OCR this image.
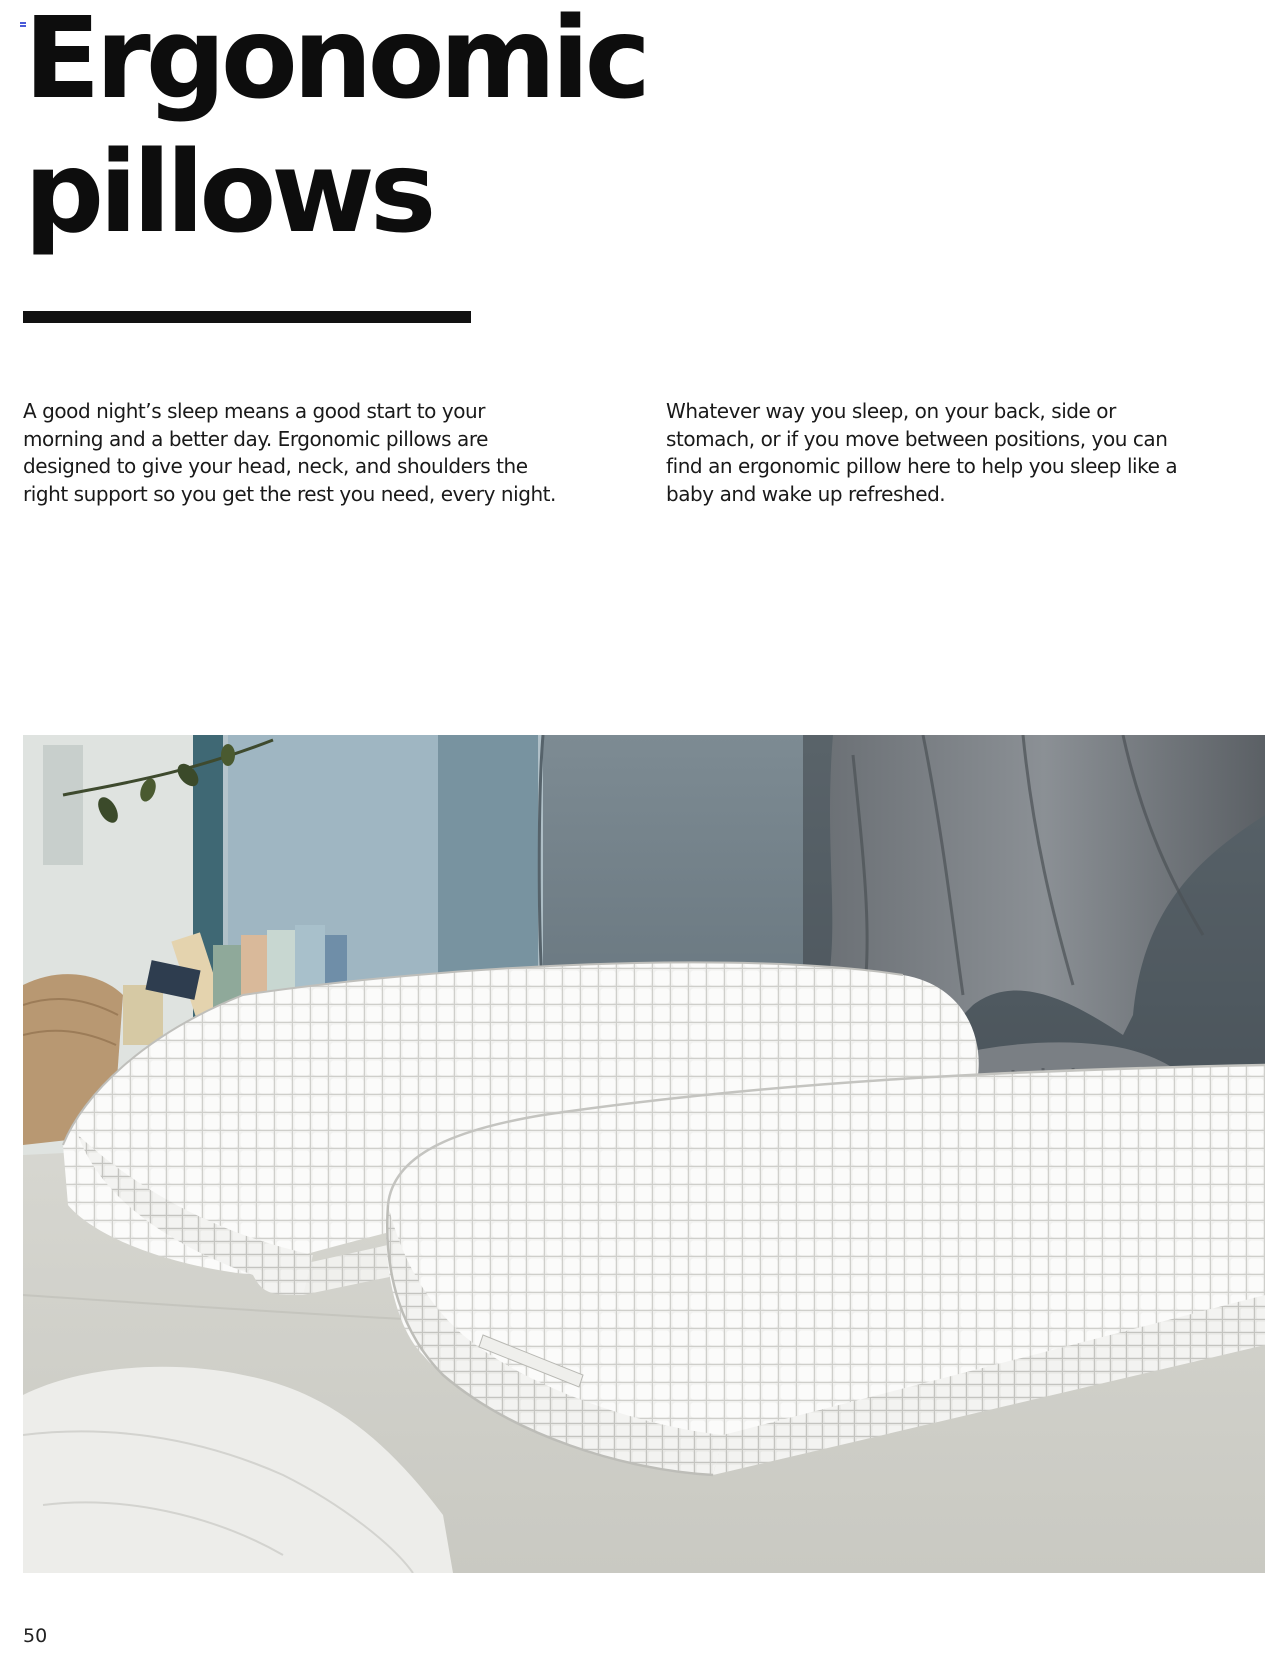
Ergonomic
pillows

A good night’s sleep means a good start to your
morning and a better day. Ergonomic pillows are
designed to give your head, neck, and shoulders the
right support so you get the rest you need, every night.

Whatever way you sleep, on your back, side or
stomach, or if you move between positions, you can
find an ergonomic pillow here to help you sleep like a
baby and wake up refreshed.

50
